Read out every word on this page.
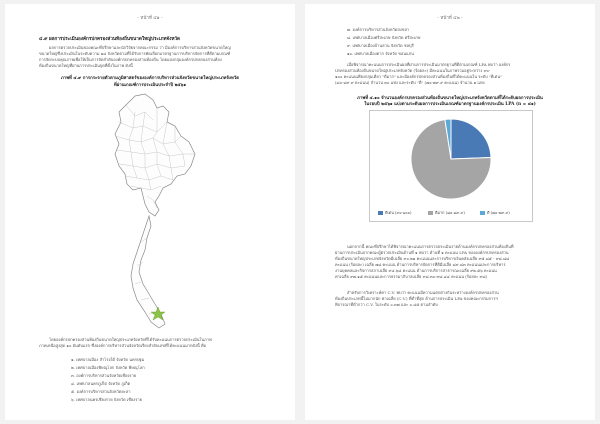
- หน้าที่ ๔๑ -
๔.๙ ผลการประเมินองค์กรปกครองส่วนท้องถิ่นขนาดใหญ่ประเภทจังหวัด
ผลการตรวจประเมินของคณะที่ปรึกษาและนักวิจัยจากคณะกรรม ว่า มีองค์การบริหารส่วนจังหวัดขนาดใหญ่
ขนาดใหญ่ซึ่งประเมินในระดับความ ๑๔ จังหวัดตามที่ได้รับการคัดเลือกมาตรฐานการบริหารจัดการที่ดีตามเกณฑ์
การจัดระบบคุณภาพเพื่อให้เป็นการจัดลำดับองค์กรปกครองส่วนท้องถิ่น โดยแบ่งกลุ่มองค์กรปกครองส่วนท้อง
ท้องถิ่นขนาดใหญ่ที่ผ่านการประเมินจุดที่ตั้งในภาพ ดังนี้
ภาพที่ ๔.๙ การกระจายตัวตามภูมิศาสตร์ขององค์การบริหารส่วนจังหวัดขนาดใหญ่ประเภทจังหวัด
ที่ผ่านเกณฑ์การประเมินประจำปี ๒๕๖๑
โดยองค์กรปกครองส่วนท้องถิ่นขนาดใหญ่ประเภทจังหวัดที่ได้รับคะแนนการตรวจประเมินในภาพ
ภาคเหนือสูงสุด ๑๐ อันดับแรก ซึ่งองค์การบริหารส่วนจังหวัดเรียงลำดับเลขที่ได้คะแนนมากดังนี้ คือ
๑. เทศบาลเมือง สำโรงใต้ จังหวัด นครปฐม
๒. เทศบาลเมืองพิษณุโลก จังหวัด พิษณุโลก
๓. องค์การบริหารส่วนจังหวัดเชียงราย
๔. เทศบาลนครภูเก็ต จังหวัด ภูเก็ต
๕. องค์การบริหารส่วนจังหวัดยะลา
๖. เทศบาลนครเชียงราย จังหวัด เชียงราย
- หน้าที่ ๔๒ -
๗. องค์การบริหารส่วนจังหวัดสงขลา
๘. เทศบาลเมืองศรีสะเกษ จังหวัด ศรีสะเกษ
๙. เทศบาลเมืองบ้านสวน จังหวัด ชลบุรี
๑๐. เทศบาลเมืองตาก จังหวัด ขอนแก่น
เมื่อพิจารณาคะแนนการประเมินผลที่ผ่านการประเมินมาตรฐานที่ดีตามเกณฑ์ LPA พบว่า องค์กร
ปกครองส่วนท้องถิ่นขนาดใหญ่ประเภทจังหวัด (ร้อยละ) มีคะแนนในภาพรวมอยู่ระหว่าง ๙๐-
๑๐๐ คะแนนเพียงกลุ่มเดียว "ดีมาก" และมีองค์กรปกครองส่วนท้องถิ่นที่ได้คะแนนใน ระดับ "ดีเด่น"
(๘๐-๘๙.๙ คะแนน) จำนวน ๓๐ แห่ง และระดับ "ดี" (๗๐-๗๙.๙ คะแนน) จำนวน ๑ แห่ง
ภาพที่ ๔.๑๐ จำนวนองค์กรปกครองส่วนท้องถิ่นขนาดใหญ่ประเภทจังหวัดตามที่ได้ระดับผลการประเมิน
ในรอบปี ๒๕๖๑ แบ่งตามระดับผลการประเมินเกณฑ์มาตรฐานองค์กรประเมิน LPA (n = ๔๑)
ดีเด่น (๙๐-๑๐๐)	ดีมาก (๘๐-๘๙.๙)	ดี (๗๐-๗๙.๙)
นอกจากนี้ คณะที่ปรึกษาได้พิจารณาคะแนนการตรวจประเมินรายด้านองค์กรปกครองส่วนท้องถิ่นที่
ผ่านการประเมินจากคณะผู้ตรวจประเมินด้านที่ ๑ พบว่า ด้านที่ ๑ คะแนน LPA ขององค์กรปกครองส่วน
ท้องถิ่นขนาดใหญ่ประเภทจังหวัดมีเฉลี่ย ๙๐.๒๑ คะแนนและการบริหารเงินคลังเฉลี่ย ๙๕.๘๕ - ๙๘.๘๘
คะแนน (ร้อยละ) เฉลี่ย ๗๘ คะแนน ด้านการบริหารจัดการที่ดีมีเฉลี่ย ๘๙.๘๓ คะแนนและการบริหาร
งานบุคคลและกิจการสภาเฉลี่ย ๙๔.๖๘ คะแนน ด้านการบริการสาธารณะเฉลี่ย ๙๒.๕๖ คะแนน
ค่าเฉลี่ย ๙๗.๑๕ คะแนนและการธรรมาภิบาลเฉลี่ย ๙๘.๓๐-๙๘.๔๔ คะแนน (ร้อยละ ๙๘)
สำหรับการวิเคราะห์ค่า C.V. พบว่า คะแนนมีความแตกต่างกันระหว่างองค์กรปกครองส่วน
ท้องถิ่นประเภทนี้ไม่มากนัก ค่าเฉลี่ย (C.V.) ที่ต่ำที่สุด ด้านการประเมิน LPA ของคณะกรรมการฯ
พิจารณาที่ต่ำกว่า C.V. ในระดับ ๐.๓๗ และ ๐.๔๕ ตามลำดับ
